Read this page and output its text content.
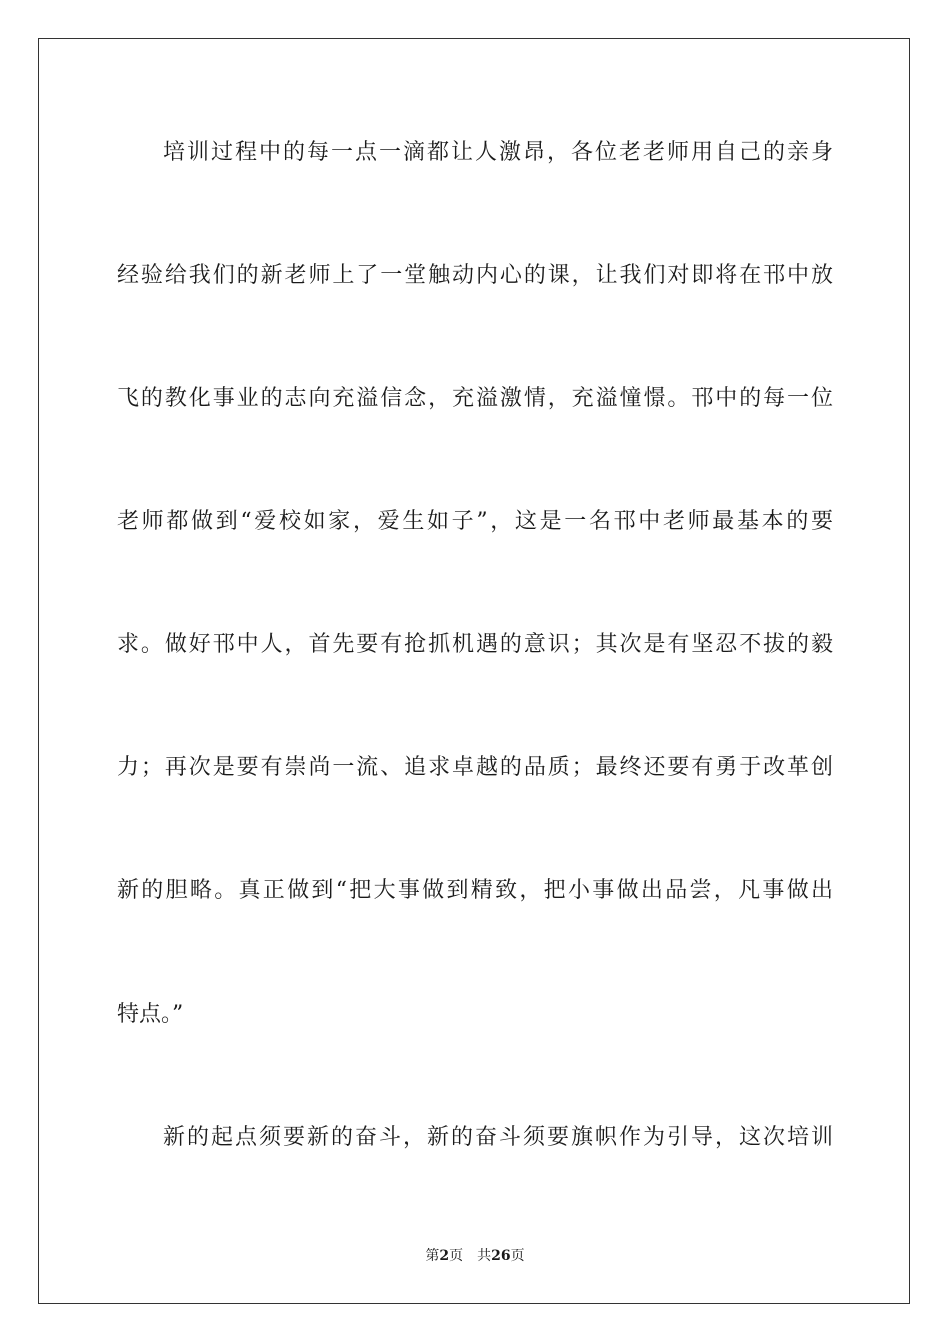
培训过程中的每一点一滴都让人激昂，各位老老师用自己的亲身
经验给我们的新老师上了一堂触动内心的课，让我们对即将在邗中放
飞的教化事业的志向充溢信念，充溢激情，充溢憧憬。邗中的每一位
老师都做到“爱校如家，爱生如子”，这是一名邗中老师最基本的要
求。做好邗中人，首先要有抢抓机遇的意识；其次是有坚忍不拔的毅
力；再次是要有崇尚一流、追求卓越的品质；最终还要有勇于改革创
新的胆略。真正做到“把大事做到精致，把小事做出品尝，凡事做出
特点。”
新的起点须要新的奋斗，新的奋斗须要旗帜作为引导，这次培训
第2页 共26页
